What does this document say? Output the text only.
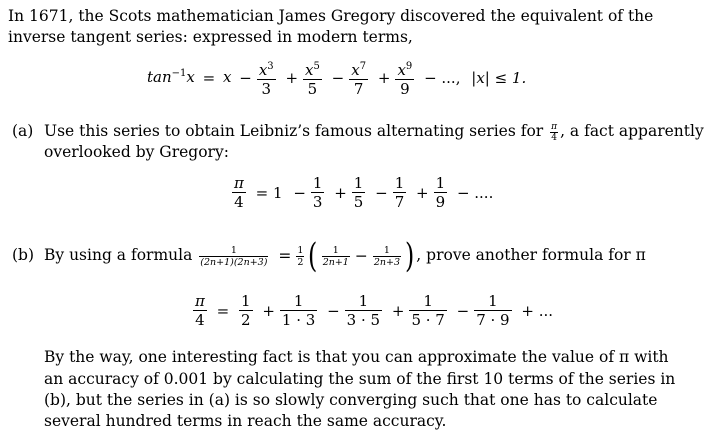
In 1671, the Scots mathematician James Gregory discovered the equivalent of the
inverse tangent series: expressed in modern terms,
$\tan^{-1}x = x - \frac{x^3}{3} + \frac{x^5}{5} - \frac{x^7}{7} + \frac{x^9}{9}$ − ..., |x| ≤ 1.
(a) Use this series to obtain Leibniz’s famous alternating series for $\frac{\pi}{4}$ , a fact apparently
overlooked by Gregory:
$\frac{\pi}{4} = 1 - \frac{1}{3} + \frac{1}{5} - \frac{1}{7} + \frac{1}{9}$ − ....
(b) By using a formula $\frac{1}{(2n+1)(2n+3)} = \frac{1}{2}$ ( $\frac{1}{2n+1} - \frac{1}{2n+3}$ ) , prove another formula for π
$\frac{\pi}{4} = \frac{1}{2} + \frac{1}{1 \cdot 3} - \frac{1}{3 \cdot 5} + \frac{1}{5 \cdot 7} - \frac{1}{7 \cdot 9}$ + ...
By the way, one interesting fact is that you can approximate the value of π with
an accuracy of 0.001 by calculating the sum of the first 10 terms of the series in
(b), but the series in (a) is so slowly converging such that one has to calculate
several hundred terms in reach the same accuracy.
